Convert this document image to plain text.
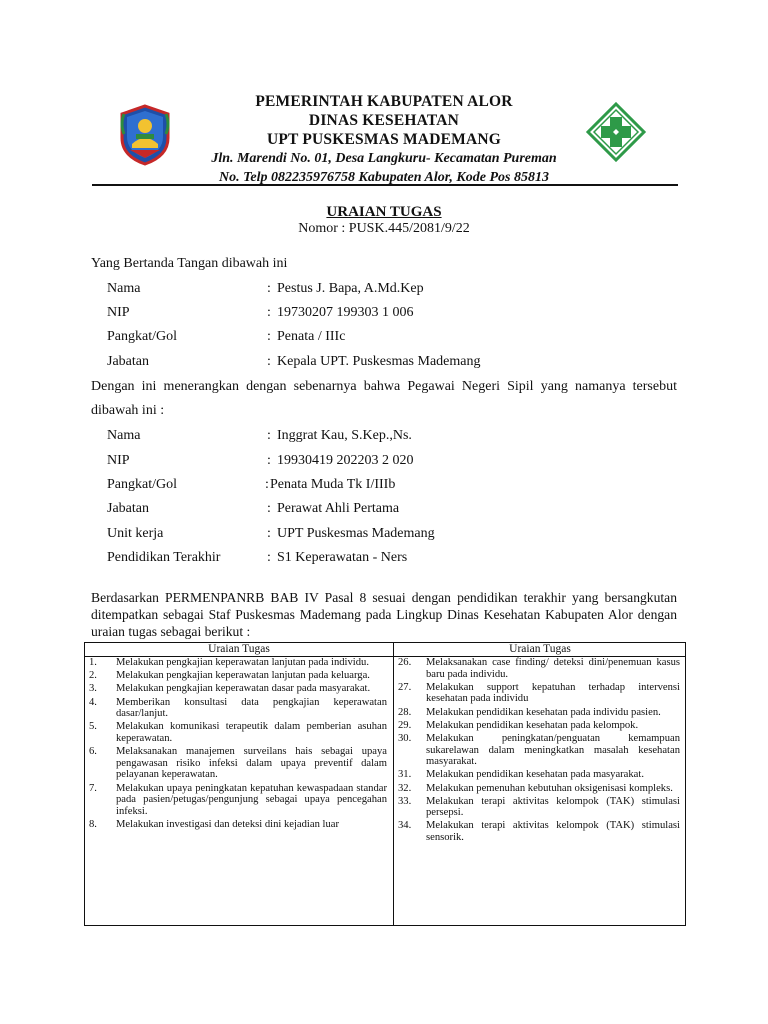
PEMERINTAH KABUPATEN ALOR
DINAS KESEHATAN
UPT PUSKESMAS MADEMANG
Jln. Marendi No. 01, Desa Langkuru- Kecamatan Pureman
No. Telp 082235976758 Kabupaten Alor, Kode Pos 85813
URAIAN TUGAS
Nomor : PUSK.445/2081/9/22
Yang Bertanda Tangan dibawah ini
Nama	: Pestus J. Bapa, A.Md.Kep
NIP	: 19730207 199303 1 006
Pangkat/Gol	: Penata / IIIc
Jabatan	: Kepala UPT. Puskesmas Mademang
Dengan ini menerangkan dengan sebenarnya bahwa Pegawai Negeri Sipil yang namanya tersebut
dibawah ini :
Nama	: Inggrat Kau, S.Kep.,Ns.
NIP	: 19930419 202203 2 020
Pangkat/Gol	: Penata Muda Tk I/IIIb
Jabatan	: Perawat Ahli Pertama
Unit kerja	: UPT Puskesmas Mademang
Pendidikan Terakhir	: S1 Keperawatan - Ners
Berdasarkan PERMENPANRB BAB IV Pasal 8 sesuai dengan pendidikan terakhir yang bersangkutan
ditempatkan sebagai Staf Puskesmas Mademang pada Lingkup Dinas Kesehatan Kabupaten Alor dengan
uraian tugas sebagai berikut :
Uraian Tugas	Uraian Tugas
1. Melakukan pengkajian keperawatan lanjutan pada individu.
2. Melakukan pengkajian keperawatan lanjutan pada keluarga.
3. Melakukan pengkajian keperawatan dasar pada masyarakat.
4. Memberikan konsultasi data pengkajian keperawatan dasar/lanjut.
5. Melakukan komunikasi terapeutik dalam pemberian asuhan keperawatan.
6. Melaksanakan manajemen surveilans hais sebagai upaya pengawasan risiko infeksi dalam upaya preventif dalam pelayanan keperawatan.
7. Melakukan upaya peningkatan kepatuhan kewaspadaan standar pada pasien/petugas/pengunjung sebagai upaya pencegahan infeksi.
8. Melakukan investigasi dan deteksi dini kejadian luar
26. Melaksanakan case finding/ deteksi dini/penemuan kasus baru pada individu.
27. Melakukan support kepatuhan terhadap intervensi kesehatan pada individu
28. Melakukan pendidikan kesehatan pada individu pasien.
29. Melakukan pendidikan kesehatan pada kelompok.
30. Melakukan peningkatan/penguatan kemampuan sukarelawan dalam meningkatkan masalah kesehatan masyarakat.
31. Melakukan pendidikan kesehatan pada masyarakat.
32. Melakukan pemenuhan kebutuhan oksigenisasi kompleks.
33. Melakukan terapi aktivitas kelompok (TAK) stimulasi persepsi.
34. Melakukan terapi aktivitas kelompok (TAK) stimulasi sensorik.
